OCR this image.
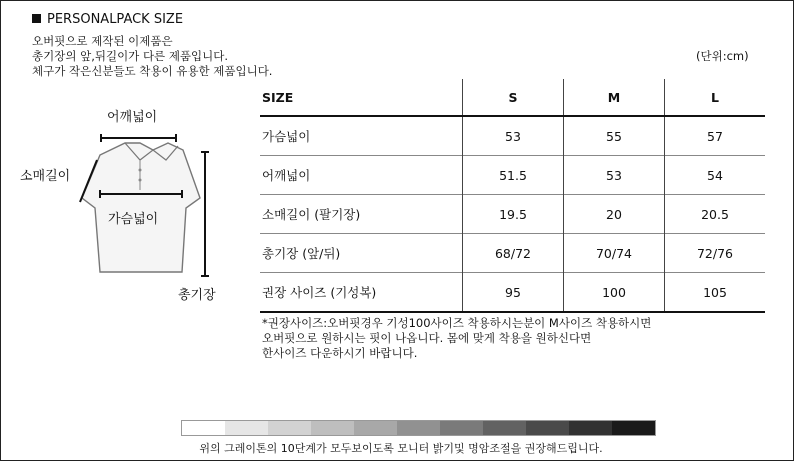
PERSONALPACK SIZE
오버핏으로 제작된 이제품은
총기장의 앞,뒤길이가 다른 제품입니다.
체구가 작은신분들도 착용이 유용한 제품입니다.
(단위:cm)
어깨넓이
소매길이
가슴넓이
총기장
SIZE	S	M	L
가슴넓이	53	55	57
어깨넓이	51.5	53	54
소매길이 (팔기장)	19.5	20	20.5
총기장 (앞/뒤)	68/72	70/74	72/76
권장 사이즈 (기성복)	95	100	105
*권장사이즈:오버핏경우 기성100사이즈 착용하시는분이 M사이즈 착용하시면
오버핏으로 원하시는 핏이 나옵니다. 몸에 맞게 착용을 원하신다면
한사이즈 다운하시기 바랍니다.
위의 그레이톤의 10단계가 모두보이도록 모니터 밝기및 명암조절을 권장해드립니다.
